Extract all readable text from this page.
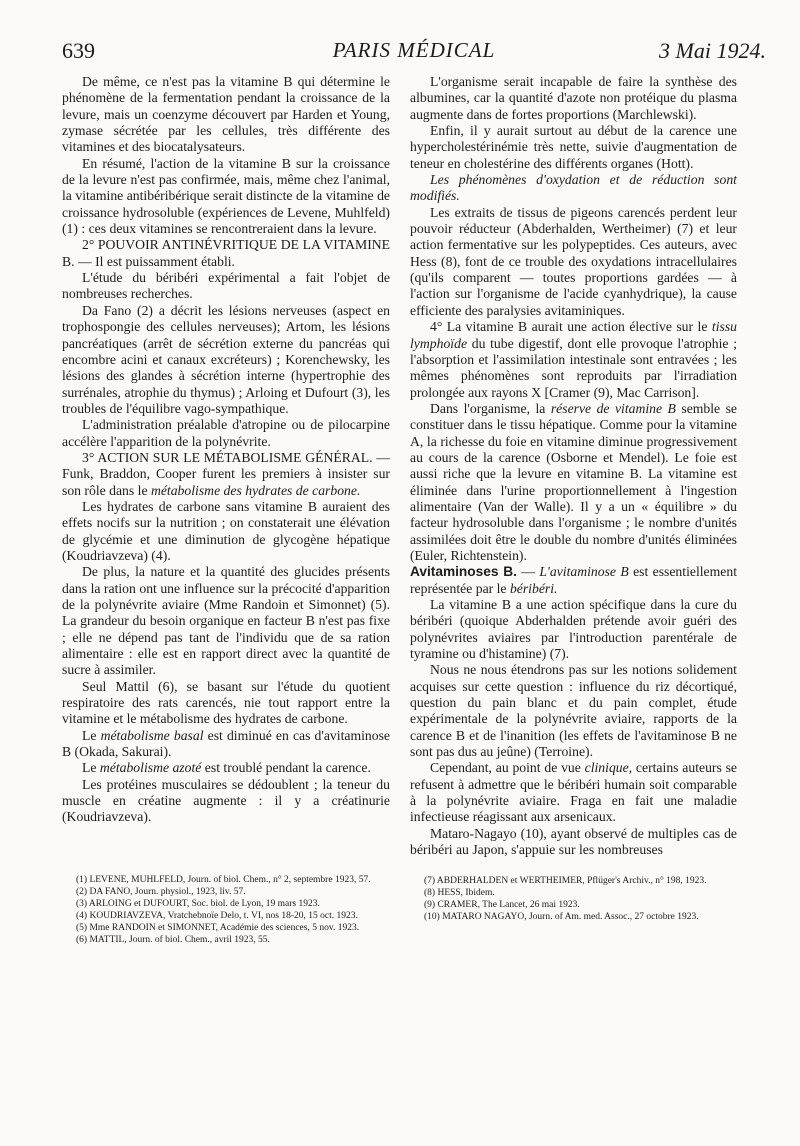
639	PARIS MÉDICAL	3 Mai 1924.

De même, ce n'est pas la vitamine B qui détermine le phénomène de la fermentation pendant la croissance de la levure, mais un coenzyme découvert par Harden et Young, zymase sécrétée par les cellules, très différente des vitamines et des biocatalysateurs.

En résumé, l'action de la vitamine B sur la croissance de la levure n'est pas confirmée, mais, même chez l'animal, la vitamine antibéribérique serait distincte de la vitamine de croissance hydrosoluble (expériences de Levene, Muhlfeld) (1) : ces deux vitamines se rencontreraient dans la levure.

2° POUVOIR ANTINÉVRITIQUE DE LA VITAMINE B. — Il est puissamment établi.

L'étude du béribéri expérimental a fait l'objet de nombreuses recherches.

Da Fano (2) a décrit les lésions nerveuses (aspect en trophospongie des cellules nerveuses); Artom, les lésions pancréatiques (arrêt de sécrétion externe du pancréas qui encombre acini et canaux excréteurs) ; Korenchewsky, les lésions des glandes à sécrétion interne (hypertrophie des surrénales, atrophie du thymus) ; Arloing et Dufourt (3), les troubles de l'équilibre vago-sympathique.

L'administration préalable d'atropine ou de pilocarpine accélère l'apparition de la polynévrite.

3° ACTION SUR LE MÉTABOLISME GÉNÉRAL. — Funk, Braddon, Cooper furent les premiers à insister sur son rôle dans le métabolisme des hydrates de carbone.

Les hydrates de carbone sans vitamine B auraient des effets nocifs sur la nutrition ; on constaterait une élévation de glycémie et une diminution de glycogène hépatique (Koudriavzeva) (4).

De plus, la nature et la quantité des glucides présents dans la ration ont une influence sur la précocité d'apparition de la polynévrite aviaire (Mme Randoin et Simonnet) (5). La grandeur du besoin organique en facteur B n'est pas fixe ; elle ne dépend pas tant de l'individu que de sa ration alimentaire : elle est en rapport direct avec la quantité de sucre à assimiler.

Seul Mattil (6), se basant sur l'étude du quotient respiratoire des rats carencés, nie tout rapport entre la vitamine et le métabolisme des hydrates de carbone.

Le métabolisme basal est diminué en cas d'avitaminose B (Okada, Sakurai).

Le métabolisme azoté est troublé pendant la carence.

Les protéines musculaires se dédoublent ; la teneur du muscle en créatine augmente : il y a créatinurie (Koudriavzeva).

(1) LEVENE, MUHLFELD, Journ. of biol. Chem., n° 2, septembre 1923, 57.
(2) DA FANO, Journ. physiol., 1923, liv. 57.
(3) ARLOING et DUFOURT, Soc. biol. de Lyon, 19 mars 1923.
(4) KOUDRIAVZEVA, Vratchebnoïe Delo, t. VI, nos 18-20, 15 oct. 1923.
(5) Mme RANDOIN et SIMONNET, Académie des sciences, 5 nov. 1923.
(6) MATTIL, Journ. of biol. Chem., avril 1923, 55.

L'organisme serait incapable de faire la synthèse des albumines, car la quantité d'azote non protéique du plasma augmente dans de fortes proportions (Marchlewski).

Enfin, il y aurait surtout au début de la carence une hypercholestérinémie très nette, suivie d'augmentation de teneur en cholestérine des différents organes (Hott).

Les phénomènes d'oxydation et de réduction sont modifiés.

Les extraits de tissus de pigeons carencés perdent leur pouvoir réducteur (Abderhalden, Wertheimer) (7) et leur action fermentative sur les polypeptides. Ces auteurs, avec Hess (8), font de ce trouble des oxydations intracellulaires (qu'ils comparent — toutes proportions gardées — à l'action sur l'organisme de l'acide cyanhydrique), la cause efficiente des paralysies avitaminiques.

4° La vitamine B aurait une action élective sur le tissu lymphoïde du tube digestif, dont elle provoque l'atrophie ; l'absorption et l'assimilation intestinale sont entravées ; les mêmes phénomènes sont reproduits par l'irradiation prolongée aux rayons X [Cramer (9), Mac Carrison].

Dans l'organisme, la réserve de vitamine B semble se constituer dans le tissu hépatique. Comme pour la vitamine A, la richesse du foie en vitamine diminue progressivement au cours de la carence (Osborne et Mendel). Le foie est aussi riche que la levure en vitamine B. La vitamine est éliminée dans l'urine proportionnellement à l'ingestion alimentaire (Van der Walle). Il y a un « équilibre » du facteur hydrosoluble dans l'organisme ; le nombre d'unités assimilées doit être le double du nombre d'unités éliminées (Euler, Richtenstein).

Avitaminoses B. — L'avitaminose B est essentiellement représentée par le béribéri.

La vitamine B a une action spécifique dans la cure du béribéri (quoique Abderhalden prétende avoir guéri des polynévrites aviaires par l'introduction parentérale de tyramine ou d'histamine) (7).

Nous ne nous étendrons pas sur les notions solidement acquises sur cette question : influence du riz décortiqué, question du pain blanc et du pain complet, étude expérimentale de la polynévrite aviaire, rapports de la carence B et de l'inanition (les effets de l'avitaminose B ne sont pas dus au jeûne) (Terroine).

Cependant, au point de vue clinique, certains auteurs se refusent à admettre que le béribéri humain soit comparable à la polynévrite aviaire. Fraga en fait une maladie infectieuse réagissant aux arsenicaux.

Mataro-Nagayo (10), ayant observé de multiples cas de béribéri au Japon, s'appuie sur les nombreuses

(7) ABDERHALDEN et WERTHEIMER, Pflüger's Archiv., n° 198, 1923.
(8) HESS, Ibidem.
(9) CRAMER, The Lancet, 26 mai 1923.
(10) MATARO NAGAYO, Journ. of Am. med. Assoc., 27 octobre 1923.
